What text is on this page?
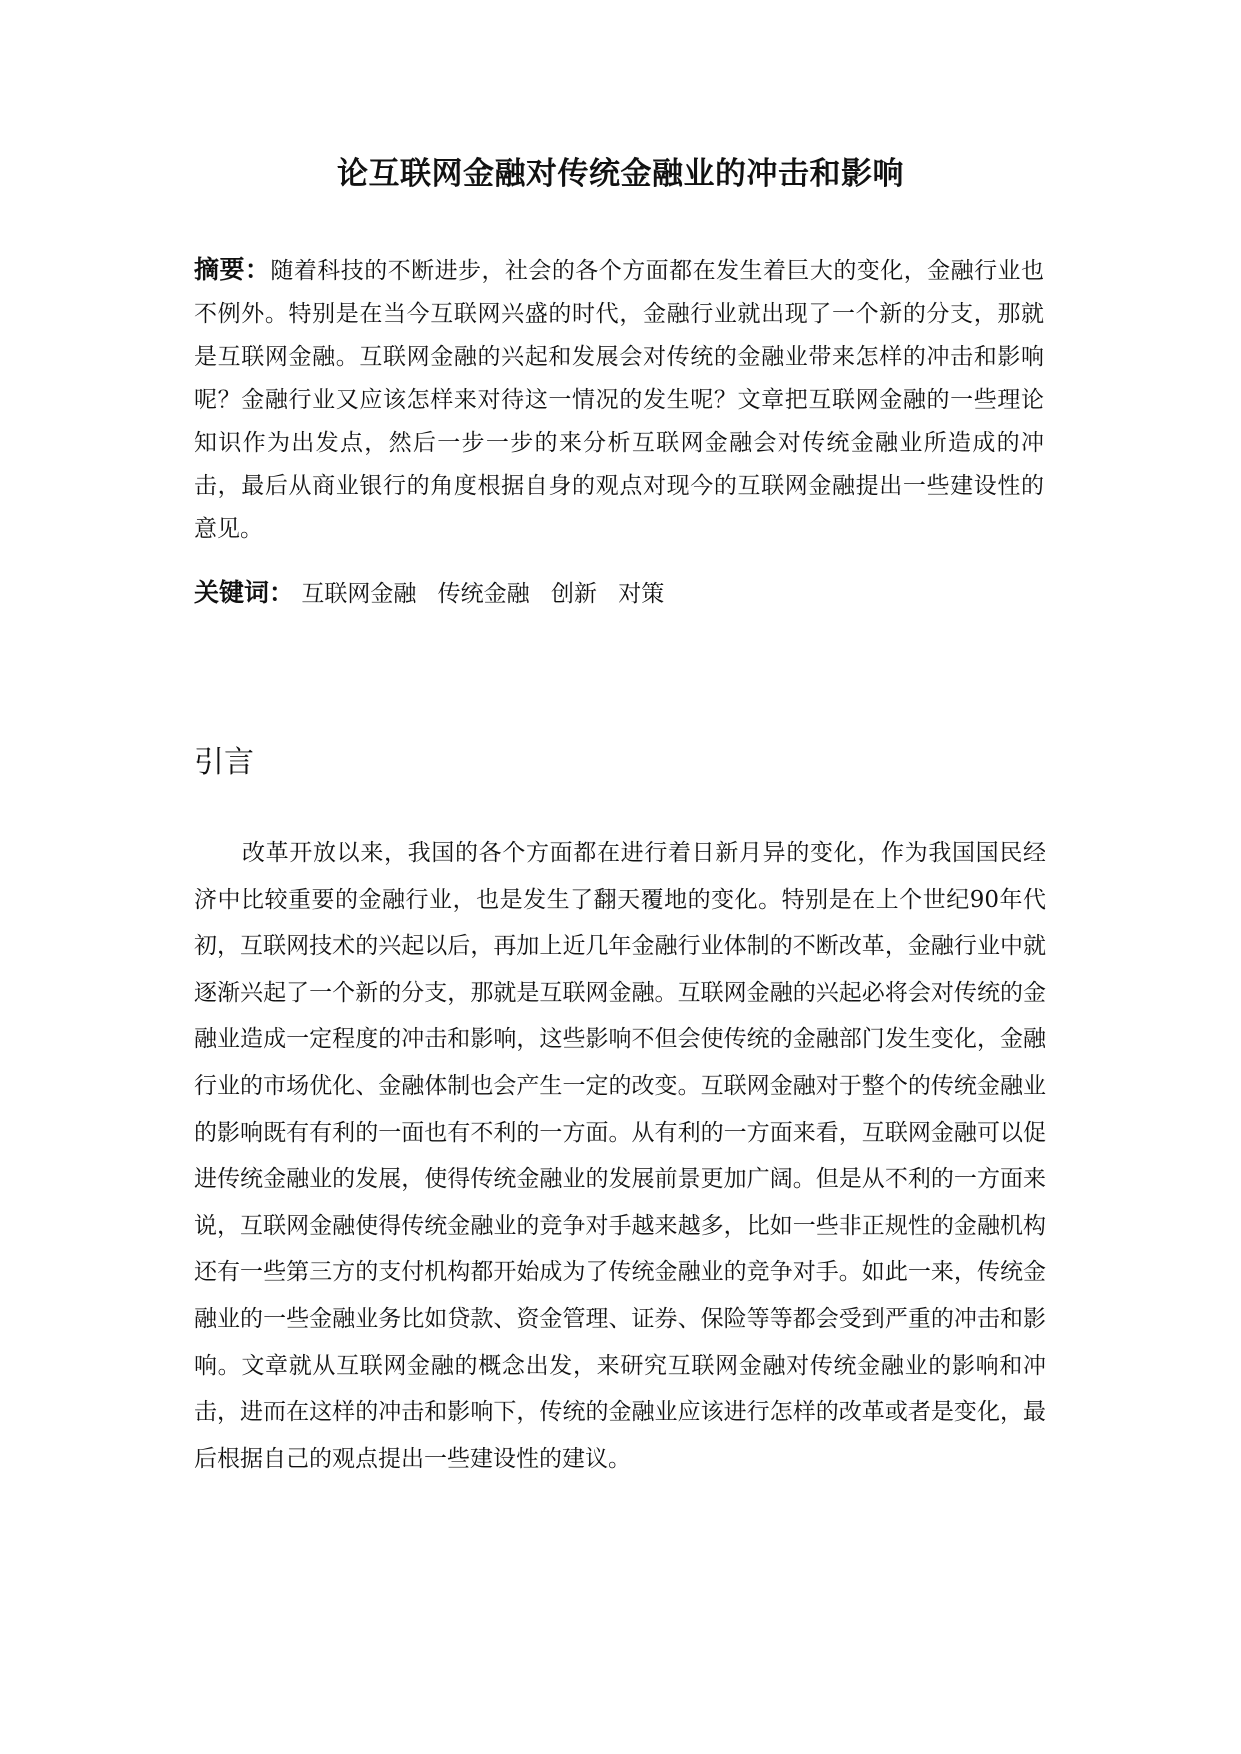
论互联网金融对传统金融业的冲击和影响
摘要：随着科技的不断进步，社会的各个方面都在发生着巨大的变化，金融行业也不例外。特别是在当今互联网兴盛的时代，金融行业就出现了一个新的分支，那就是互联网金融。互联网金融的兴起和发展会对传统的金融业带来怎样的冲击和影响呢？金融行业又应该怎样来对待这一情况的发生呢？文章把互联网金融的一些理论知识作为出发点，然后一步一步的来分析互联网金融会对传统金融业所造成的冲击，最后从商业银行的角度根据自身的观点对现今的互联网金融提出一些建设性的意见。
关键词： 互联网金融 传统金融 创新 对策
引言
改革开放以来，我国的各个方面都在进行着日新月异的变化，作为我国国民经济中比较重要的金融行业，也是发生了翻天覆地的变化。特别是在上个世纪90年代初，互联网技术的兴起以后，再加上近几年金融行业体制的不断改革，金融行业中就逐渐兴起了一个新的分支，那就是互联网金融。互联网金融的兴起必将会对传统的金融业造成一定程度的冲击和影响，这些影响不但会使传统的金融部门发生变化，金融行业的市场优化、金融体制也会产生一定的改变。互联网金融对于整个的传统金融业的影响既有有利的一面也有不利的一方面。从有利的一方面来看，互联网金融可以促进传统金融业的发展，使得传统金融业的发展前景更加广阔。但是从不利的一方面来说，互联网金融使得传统金融业的竞争对手越来越多，比如一些非正规性的金融机构还有一些第三方的支付机构都开始成为了传统金融业的竞争对手。如此一来，传统金融业的一些金融业务比如贷款、资金管理、证券、保险等等都会受到严重的冲击和影响。文章就从互联网金融的概念出发，来研究互联网金融对传统金融业的影响和冲击，进而在这样的冲击和影响下，传统的金融业应该进行怎样的改革或者是变化，最后根据自己的观点提出一些建设性的建议。
